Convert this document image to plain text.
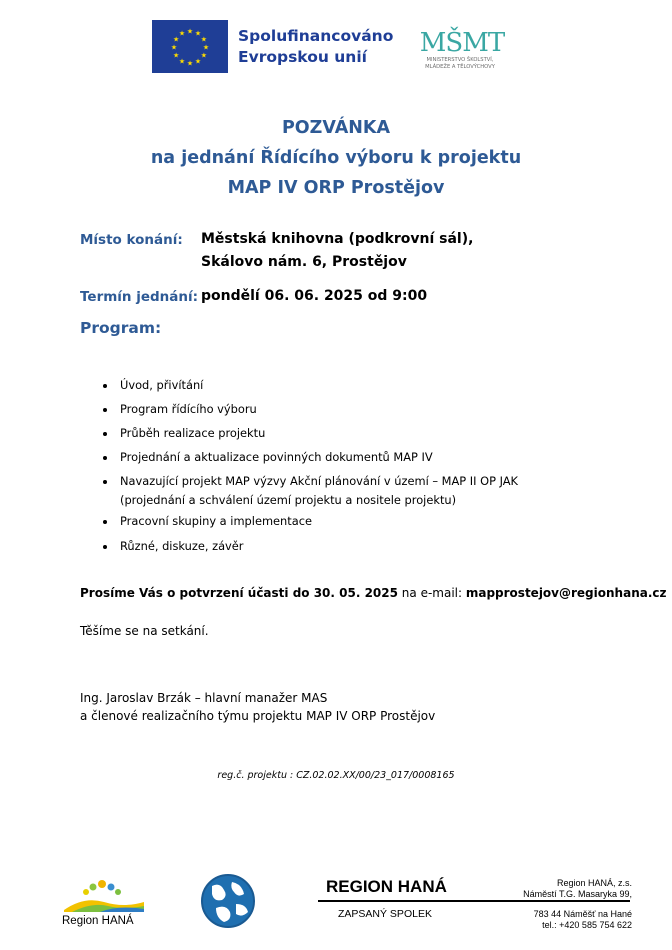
★ ★
★
★
★
★
★
★
★
★
★
★	Spolufinancováno
Evropskou unií	MŠMT
MINISTERSTVO ŠKOLSTVÍ,
MLÁDEŽE A TĚLOVÝCHOVY
POZVÁNKA
na jednání Řídícího výboru k projektu
MAP IV ORP Prostějov
Místo konání: Městská knihovna (podkrovní sál),
Skálovo nám. 6, Prostějov
Termín jednání: pondělí 06. 06. 2025 od 9:00
Program:
Úvod, přivítání
Program řídícího výboru
Průběh realizace projektu
Projednání a aktualizace povinných dokumentů MAP IV
Navazující projekt MAP výzvy Akční plánování v území – MAP II OP JAK
(projednání a schválení území projektu a nositele projektu)
Pracovní skupiny a implementace
Různé, diskuze, závěr
Prosíme Vás o potvrzení účasti do 30. 05. 2025 na e-mail: mapprostejov@regionhana.cz
Těšíme se na setkání.
Ing. Jaroslav Brzák – hlavní manažer MAS
a členové realizačního týmu projektu MAP IV ORP Prostějov
reg.č. projektu : CZ.02.02.XX/00/23_017/0008165
Region HANÁ
REGION HANÁ
ZAPSANÝ SPOLEK
Region HANÁ, z.s.
Náměstí T.G. Masaryka 99,
783 44 Náměšť na Hané
tel.: +420 585 754 622
